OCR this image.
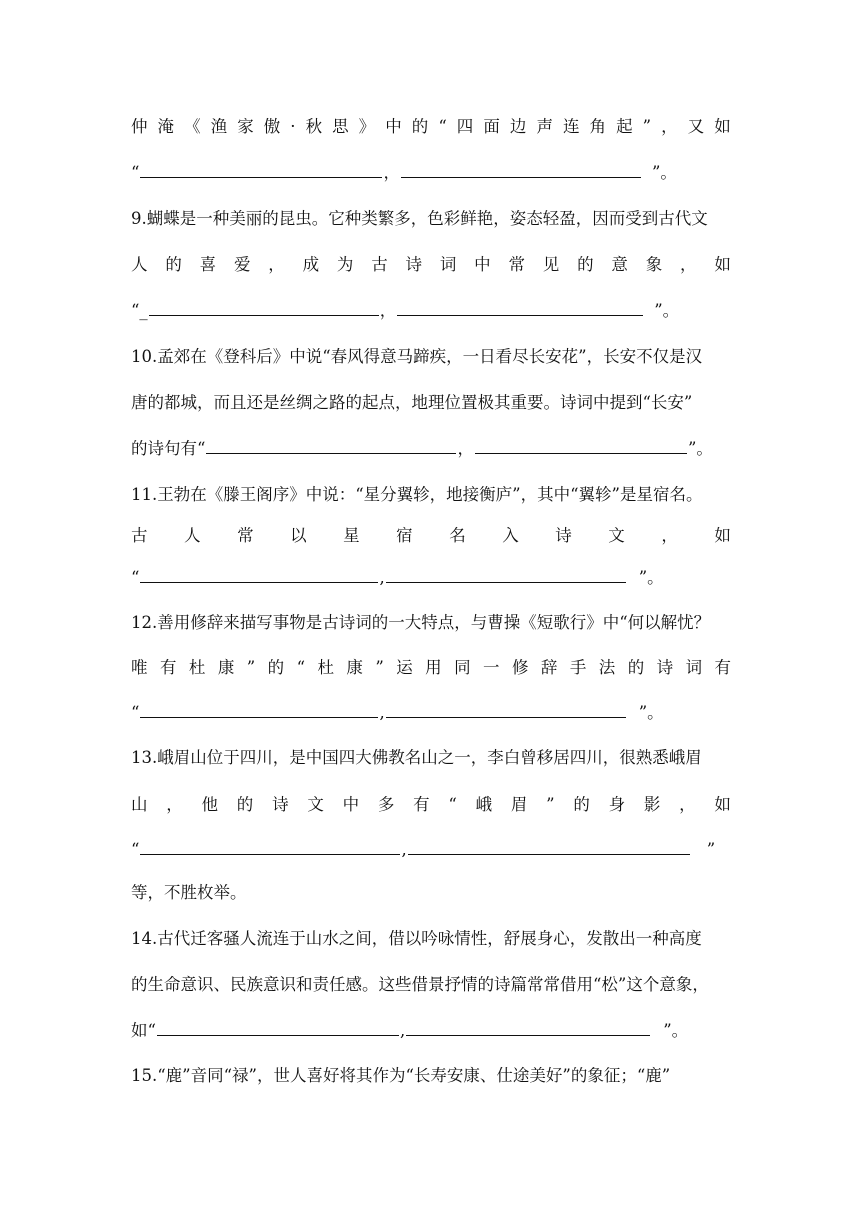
仲 淹 《 渔 家 傲 · 秋 思 》 中 的 “ 四 面 边 声 连 角 起 ” ， 又 如
“	，	”。
9.蝴蝶是一种美丽的昆虫。它种类繁多，色彩鲜艳，姿态轻盈，因而受到古代文
人 的 喜 爱 ， 成 为 古 诗 词 中 常 见 的 意 象 ， 如
“_	，	”。
10.孟郊在《登科后》中说“春风得意马蹄疾，一日看尽长安花”，长安不仅是汉
唐的都城，而且还是丝绸之路的起点，地理位置极其重要。诗词中提到“长安”
的诗句有“	，	”。
11.王勃在《滕王阁序》中说：“星分翼轸，地接衡庐”，其中“翼轸”是星宿名。
古 人 常 以 星 宿 名 入 诗 文 ， 如
“	,	”。
12.善用修辞来描写事物是古诗词的一大特点，与曹操《短歌行》中“何以解忧？
唯 有 杜 康 ” 的 “ 杜 康 ” 运 用 同 一 修 辞 手 法 的 诗 词 有
“	,	”。
13.峨眉山位于四川，是中国四大佛教名山之一，李白曾移居四川，很熟悉峨眉
山 ， 他 的 诗 文 中 多 有 “ 峨 眉 ” 的 身 影 ， 如
“	,	”
等，不胜枚举。
14.古代迁客骚人流连于山水之间，借以吟咏情性，舒展身心，发散出一种高度
的生命意识、民族意识和责任感。这些借景抒情的诗篇常常借用“松”这个意象，
如“	,	”。
15.“鹿”音同“禄”，世人喜好将其作为“长寿安康、仕途美好”的象征；“鹿”
